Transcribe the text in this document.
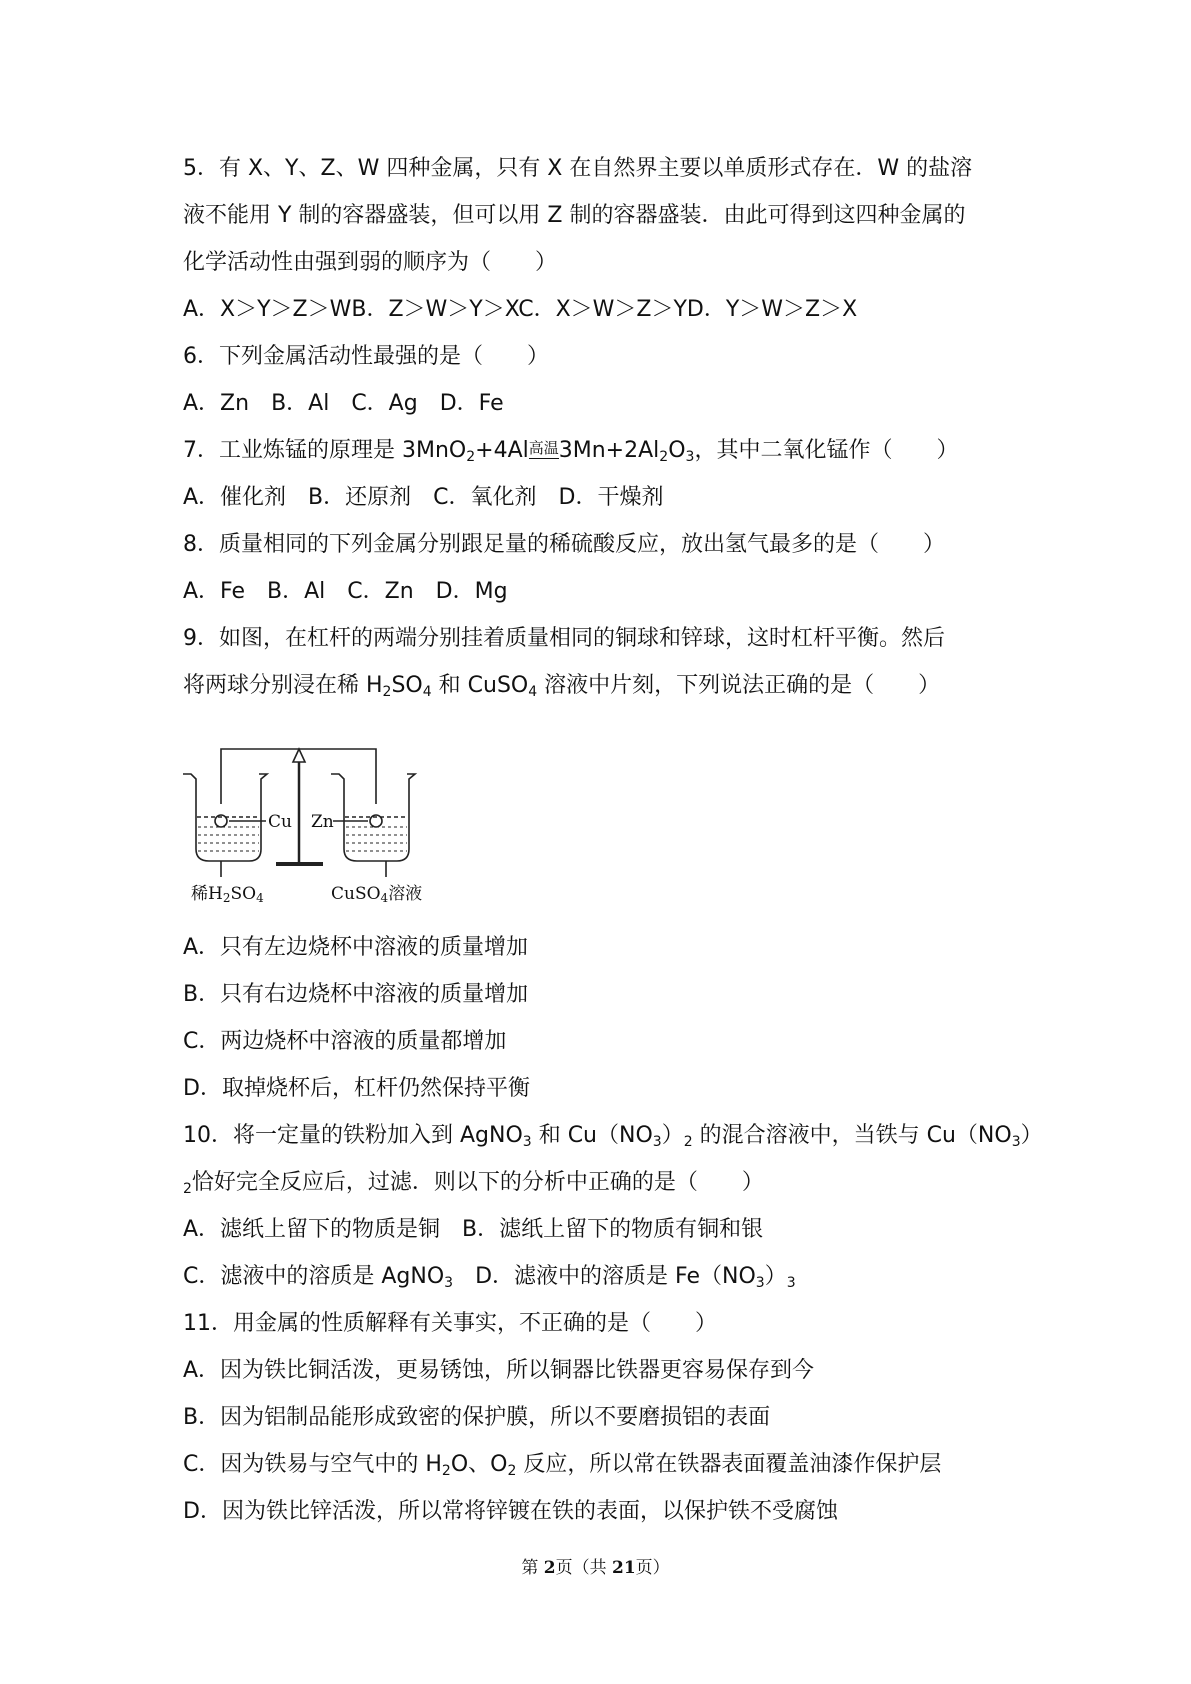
5．有 X、Y、Z、W 四种金属，只有 X 在自然界主要以单质形式存在．W 的盐溶
液不能用 Y 制的容器盛装，但可以用 Z 制的容器盛装．由此可得到这四种金属的
化学活动性由强到弱的顺序为（　　）
A．X＞Y＞Z＞WB．Z＞W＞Y＞XC．X＞W＞Z＞YD．Y＞W＞Z＞X
6．下列金属活动性最强的是（　　）
A．Zn　B．Al　C．Ag　D．Fe
7．工业炼锰的原理是 3MnO$_2$+4Al 高温 $3Mn+2Al_2O_3$，其中二氧化锰作（　　）
A．催化剂　B．还原剂　C．氧化剂　D．干燥剂
8．质量相同的下列金属分别跟足量的稀硫酸反应，放出氢气最多的是（　　）
A．Fe　B．Al　C．Zn　D．Mg
9．如图，在杠杆的两端分别挂着质量相同的铜球和锌球，这时杠杆平衡。然后
将两球分别浸在稀 $H_2SO_4$ 和 CuSO$_4$ 溶液中片刻，下列说法正确的是（　　）
Cu Zn
稀H2SO4	CuSO4溶液
A．只有左边烧杯中溶液的质量增加
B．只有右边烧杯中溶液的质量增加
C．两边烧杯中溶液的质量都增加
D．取掉烧杯后，杠杆仍然保持平衡
10．将一定量的铁粉加入到 AgNO$_3$ 和 $Cu(NO_3)_2$ 的混合溶液中，当铁与 $Cu(NO_3)$
$_2$恰好完全反应后，过滤．则以下的分析中正确的是（　　）
A．滤纸上留下的物质是铜　B．滤纸上留下的物质有铜和银
C．滤液中的溶质是 AgNO$_3$　D．滤液中的溶质是 $Fe(NO_3)_3$
11．用金属的性质解释有关事实，不正确的是（　　）
A．因为铁比铜活泼，更易锈蚀，所以铜器比铁器更容易保存到今
B．因为铝制品能形成致密的保护膜，所以不要磨损铝的表面
C．因为铁易与空气中的 $H_2O$、$O_2$ 反应，所以常在铁器表面覆盖油漆作保护层
D．因为铁比锌活泼，所以常将锌镀在铁的表面，以保护铁不受腐蚀
第 2页（共 21页）
